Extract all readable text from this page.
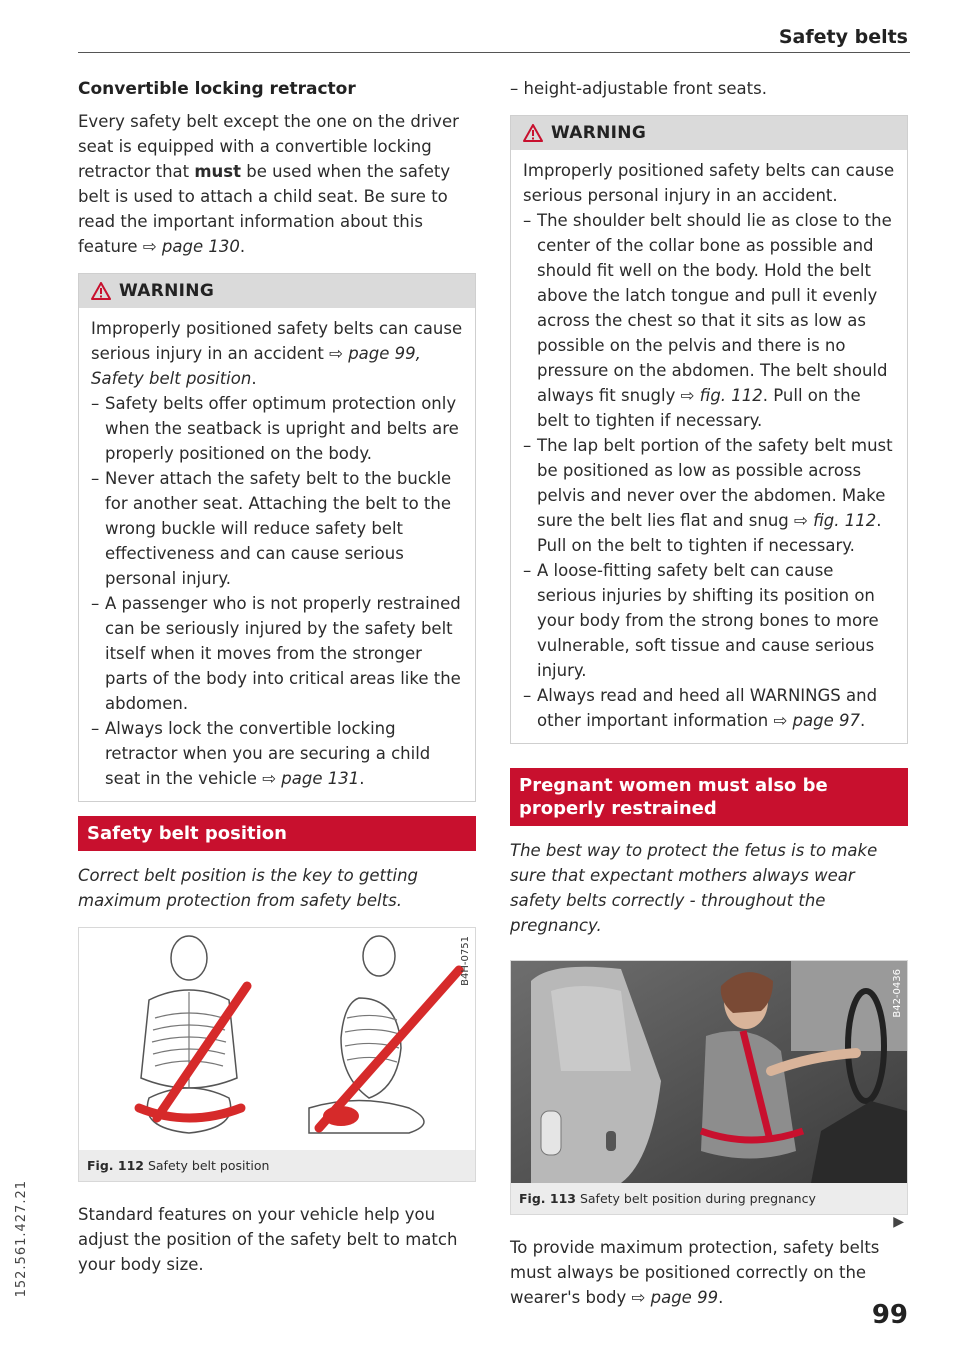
Safety belts
Convertible locking retractor

Every safety belt except the one on the driver seat is equipped with a convertible locking retractor that must be used when the safety belt is used to attach a child seat. Be sure to read the important information about this feature ⇨ page 130.

WARNING

Improperly positioned safety belts can cause serious injury in an accident ⇨ page 99, Safety belt position.

– Safety belts offer optimum protection only when the seatback is upright and belts are properly positioned on the body.
– Never attach the safety belt to the buckle for another seat. Attaching the belt to the wrong buckle will reduce safety belt effectiveness and can cause serious personal injury.
– A passenger who is not properly restrained can be seriously injured by the safety belt itself when it moves from the stronger parts of the body into critical areas like the abdomen.
– Always lock the convertible locking retractor when you are securing a child seat in the vehicle ⇨ page 131.
Safety belt position
Correct belt position is the key to getting maximum protection from safety belts.
B4H-0751
Fig. 112 Safety belt position

Standard features on your vehicle help you adjust the position of the safety belt to match your body size.

– height-adjustable front seats.

WARNING

Improperly positioned safety belts can cause serious personal injury in an accident.

– The shoulder belt should lie as close to the center of the collar bone as possible and should fit well on the body. Hold the belt above the latch tongue and pull it evenly across the chest so that it sits as low as possible on the pelvis and there is no pressure on the abdomen. The belt should always fit snugly ⇨ fig. 112. Pull on the belt to tighten if necessary.
– The lap belt portion of the safety belt must be positioned as low as possible across pelvis and never over the abdomen. Make sure the belt lies flat and snug ⇨ fig. 112. Pull on the belt to tighten if necessary.
– A loose-fitting safety belt can cause serious injuries by shifting its position on your body from the strong bones to more vulnerable, soft tissue and cause serious injury.
– Always read and heed all WARNINGS and other important information ⇨ page 97.
Pregnant women must also be properly restrained
The best way to protect the fetus is to make sure that expectant mothers always wear safety belts correctly - throughout the pregnancy.
B42-0436
Fig. 113 Safety belt position during pregnancy

To provide maximum protection, safety belts must always be positioned correctly on the wearer's body ⇨ page 99.

▶
152.561.427.21
99
